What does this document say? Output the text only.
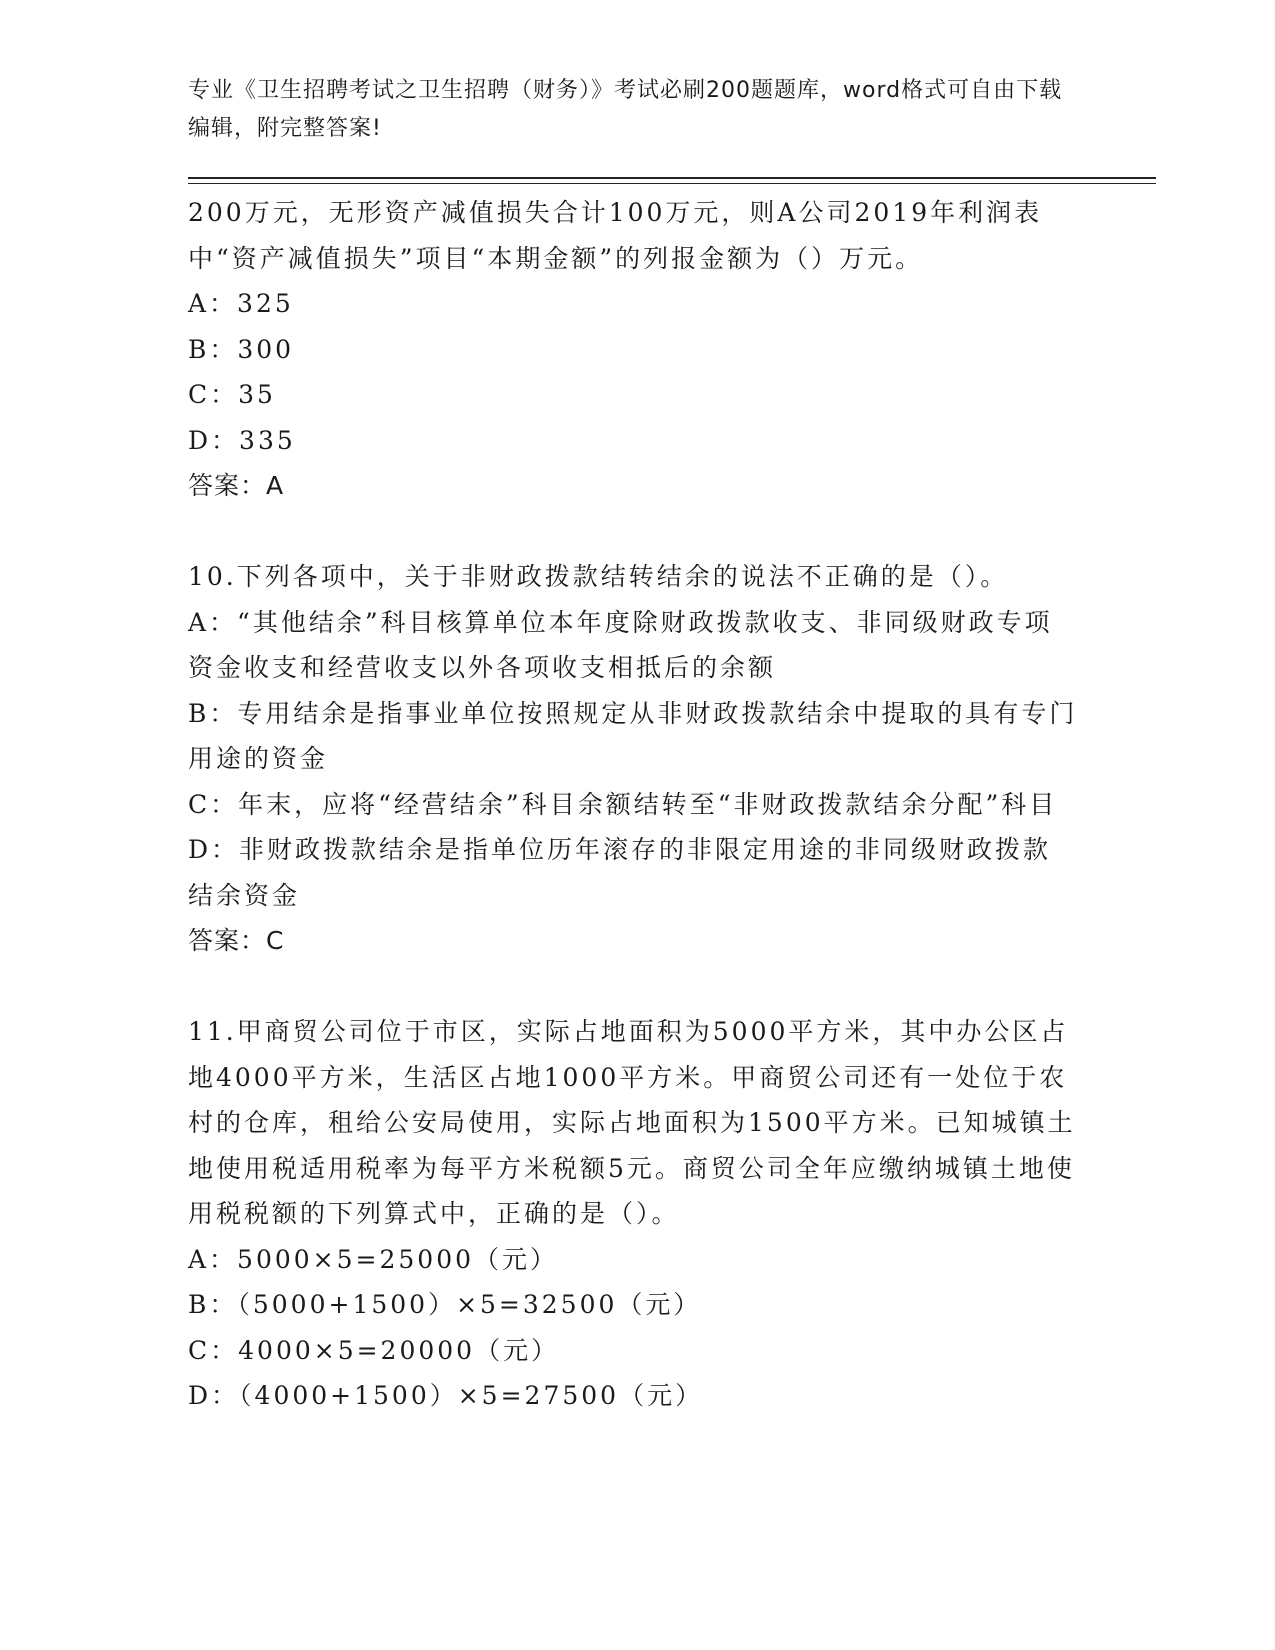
专业《卫生招聘考试之卫生招聘（财务）》考试必刷200题题库，word格式可自由下载编辑，附完整答案!
200万元，无形资产减值损失合计100万元，则A公司2019年利润表中“资产减值损失”项目“本期金额”的列报金额为（）万元。
A：325
B：300
C：35
D：335
答案：A
10.下列各项中，关于非财政拨款结转结余的说法不正确的是（）。
A：“其他结余”科目核算单位本年度除财政拨款收支、非同级财政专项资金收支和经营收支以外各项收支相抵后的余额
B：专用结余是指事业单位按照规定从非财政拨款结余中提取的具有专门用途的资金
C：年末，应将“经营结余”科目余额结转至“非财政拨款结余分配”科目
D：非财政拨款结余是指单位历年滚存的非限定用途的非同级财政拨款结余资金
答案：C
11.甲商贸公司位于市区，实际占地面积为5000平方米，其中办公区占地4000平方米，生活区占地1000平方米。甲商贸公司还有一处位于农村的仓库，租给公安局使用，实际占地面积为1500平方米。已知城镇土地使用税适用税率为每平方米税额5元。商贸公司全年应缴纳城镇土地使用税税额的下列算式中，正确的是（）。
A：5000×5=25000（元）
B：（5000+1500）×5=32500（元）
C：4000×5=20000（元）
D：（4000+1500）×5=27500（元）
